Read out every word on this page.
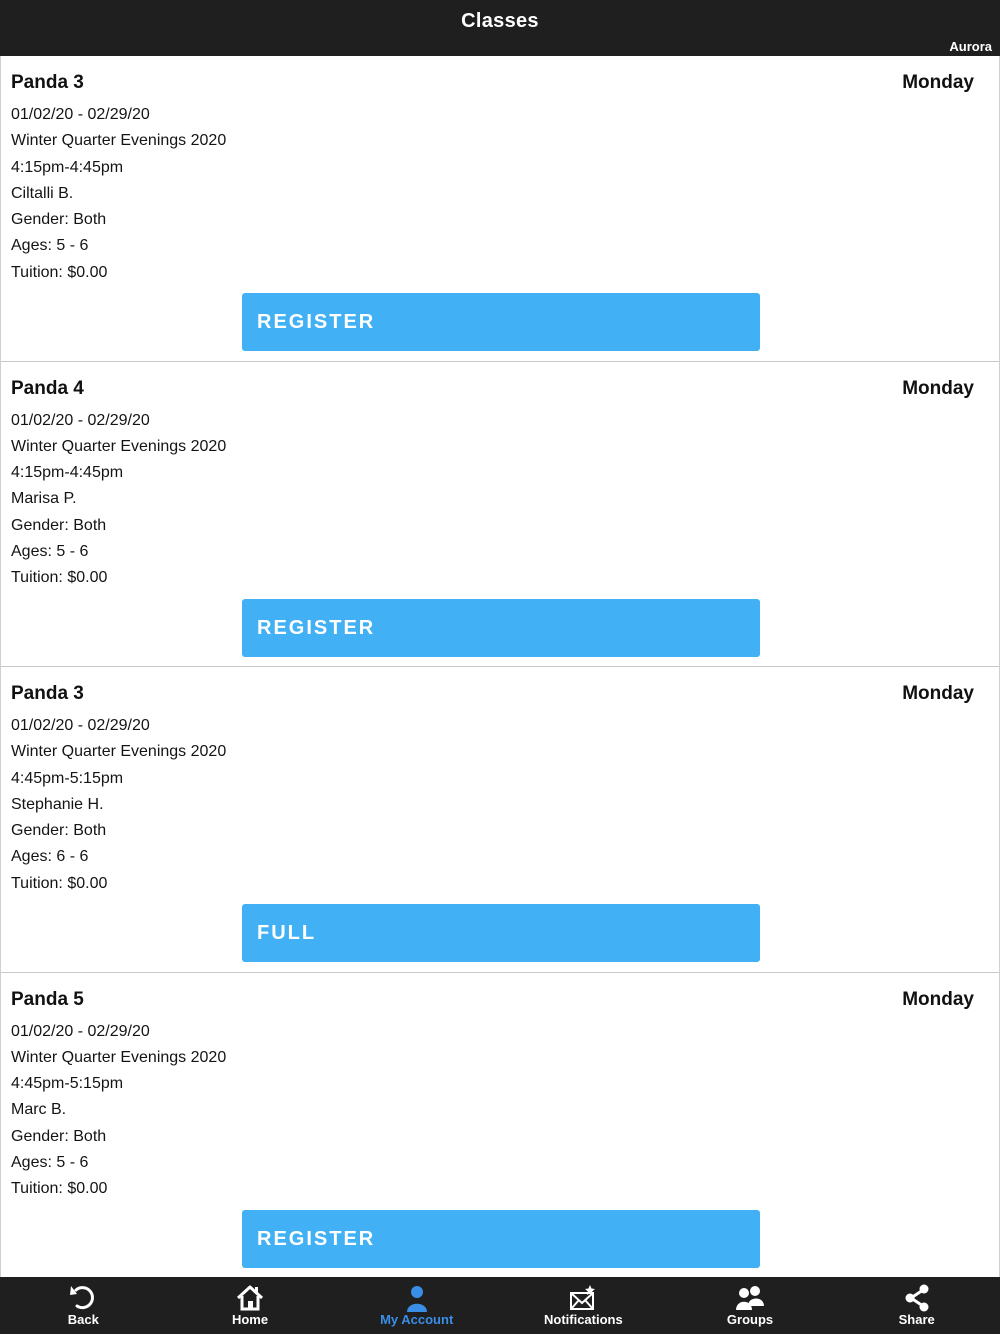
Classes
Aurora
Panda 3	Monday
01/02/20 - 02/29/20
Winter Quarter Evenings 2020
4:15pm-4:45pm
Ciltalli B.
Gender: Both
Ages: 5 - 6
Tuition: $0.00
REGISTER
Panda 4	Monday
01/02/20 - 02/29/20
Winter Quarter Evenings 2020
4:15pm-4:45pm
Marisa P.
Gender: Both
Ages: 5 - 6
Tuition: $0.00
REGISTER
Panda 3	Monday
01/02/20 - 02/29/20
Winter Quarter Evenings 2020
4:45pm-5:15pm
Stephanie H.
Gender: Both
Ages: 6 - 6
Tuition: $0.00
FULL
Panda 5	Monday
01/02/20 - 02/29/20
Winter Quarter Evenings 2020
4:45pm-5:15pm
Marc B.
Gender: Both
Ages: 5 - 6
Tuition: $0.00
REGISTER
Back	Home	My Account	Notifications	Groups	Share
